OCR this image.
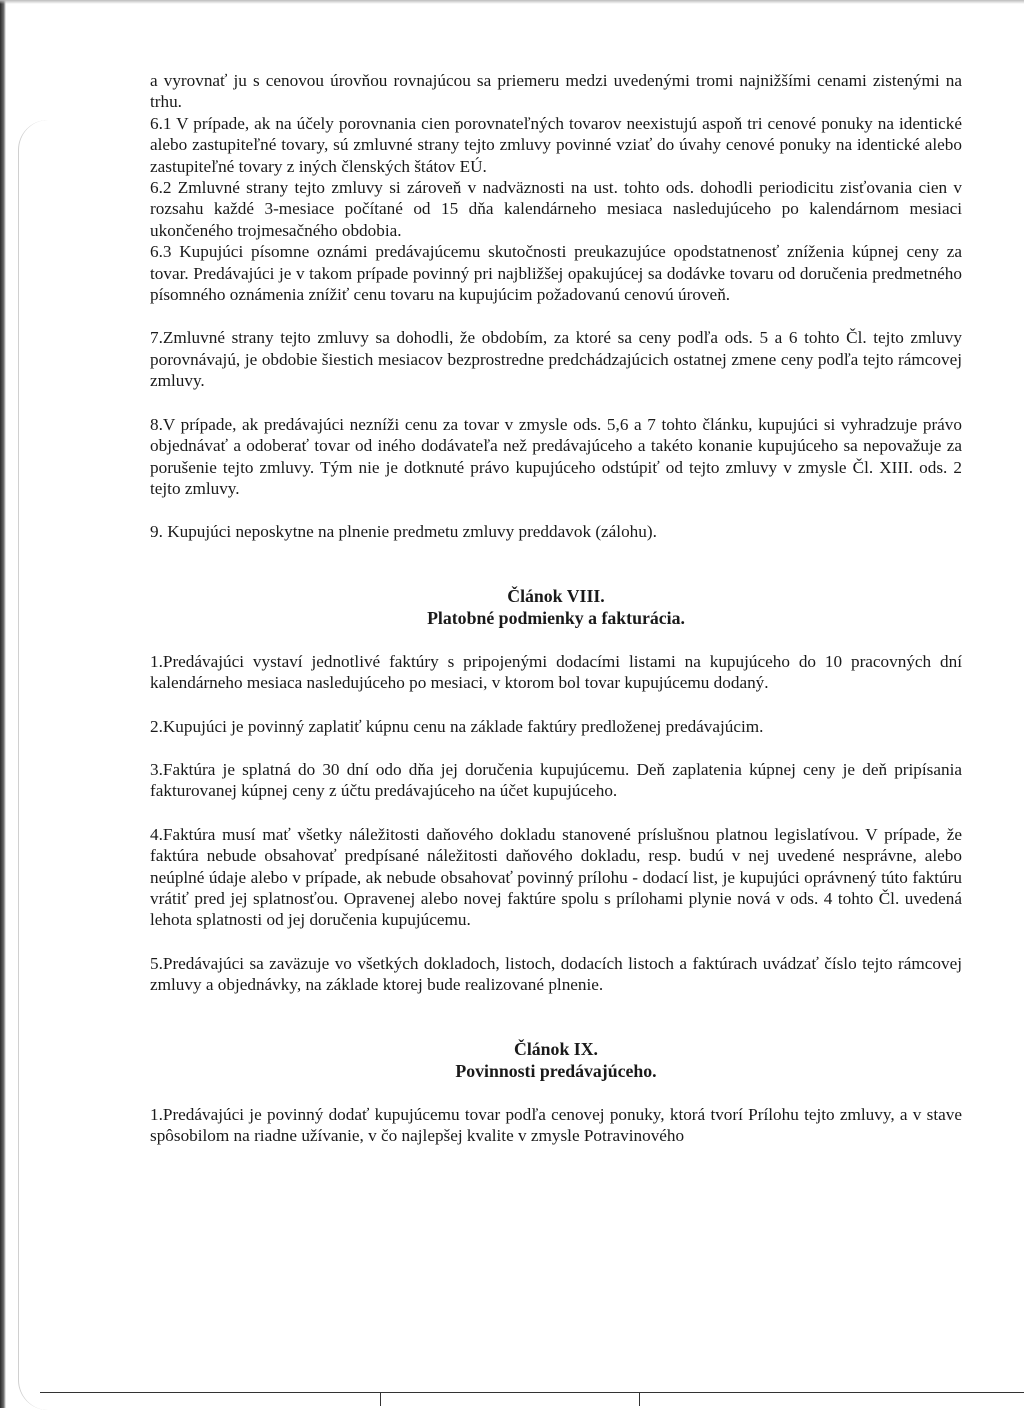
a vyrovnať ju s cenovou úrovňou rovnajúcou sa priemeru medzi uvedenými tromi najnižšími cenami zistenými na trhu.

6.1 V prípade, ak na účely porovnania cien porovnateľných tovarov neexistujú aspoň tri cenové ponuky na identické alebo zastupiteľné tovary, sú zmluvné strany tejto zmluvy povinné vziať do úvahy cenové ponuky na identické alebo zastupiteľné tovary z iných členských štátov EÚ.

6.2 Zmluvné strany tejto zmluvy si zároveň v nadväznosti na ust. tohto ods. dohodli periodicitu zisťovania cien v rozsahu každé 3-mesiace počítané od 15 dňa kalendárneho mesiaca nasledujúceho po kalendárnom mesiaci ukončeného trojmesačného obdobia.

6.3 Kupujúci písomne oznámi predávajúcemu skutočnosti preukazujúce opodstatnenosť zníženia kúpnej ceny za tovar. Predávajúci je v takom prípade povinný pri najbližšej opakujúcej sa dodávke tovaru od doručenia predmetného písomného oznámenia znížiť cenu tovaru na kupujúcim požadovanú cenovú úroveň.

7.Zmluvné strany tejto zmluvy sa dohodli, že obdobím, za ktoré sa ceny podľa ods. 5 a 6 tohto Čl. tejto zmluvy porovnávajú, je obdobie šiestich mesiacov bezprostredne predchádzajúcich ostatnej zmene ceny podľa tejto rámcovej zmluvy.

8.V prípade, ak predávajúci nezníži cenu za tovar v zmysle ods. 5,6 a 7 tohto článku, kupujúci si vyhradzuje právo objednávať a odoberať tovar od iného dodávateľa než predávajúceho a takéto konanie kupujúceho sa nepovažuje za porušenie tejto zmluvy. Tým nie je dotknuté právo kupujúceho odstúpiť od tejto zmluvy v zmysle Čl. XIII. ods. 2 tejto zmluvy.

9. Kupujúci neposkytne na plnenie predmetu zmluvy preddavok (zálohu).

Článok VIII.

Platobné podmienky a fakturácia.

1.Predávajúci vystaví jednotlivé faktúry s pripojenými dodacími listami na kupujúceho do 10 pracovných dní kalendárneho mesiaca nasledujúceho po mesiaci, v ktorom bol tovar kupujúcemu dodaný.

2.Kupujúci je povinný zaplatiť kúpnu cenu na základe faktúry predloženej predávajúcim.

3.Faktúra je splatná do 30 dní odo dňa jej doručenia kupujúcemu. Deň zaplatenia kúpnej ceny je deň pripísania fakturovanej kúpnej ceny z účtu predávajúceho na účet kupujúceho.

4.Faktúra musí mať všetky náležitosti daňového dokladu stanovené príslušnou platnou legislatívou. V prípade, že faktúra nebude obsahovať predpísané náležitosti daňového dokladu, resp. budú v nej uvedené nesprávne, alebo neúplné údaje alebo v prípade, ak nebude obsahovať povinný prílohu - dodací list, je kupujúci oprávnený túto faktúru vrátiť pred jej splatnosťou. Opravenej alebo novej faktúre spolu s prílohami plynie nová v ods. 4 tohto Čl. uvedená lehota splatnosti od jej doručenia kupujúcemu.

5.Predávajúci sa zaväzuje vo všetkých dokladoch, listoch, dodacích listoch a faktúrach uvádzať číslo tejto rámcovej zmluvy a objednávky, na základe ktorej bude realizované plnenie.

Článok IX.

Povinnosti predávajúceho.

1.Predávajúci je povinný dodať kupujúcemu tovar podľa cenovej ponuky, ktorá tvorí Prílohu tejto zmluvy, a v stave spôsobilom na riadne užívanie, v čo najlepšej kvalite v zmysle Potravinového
